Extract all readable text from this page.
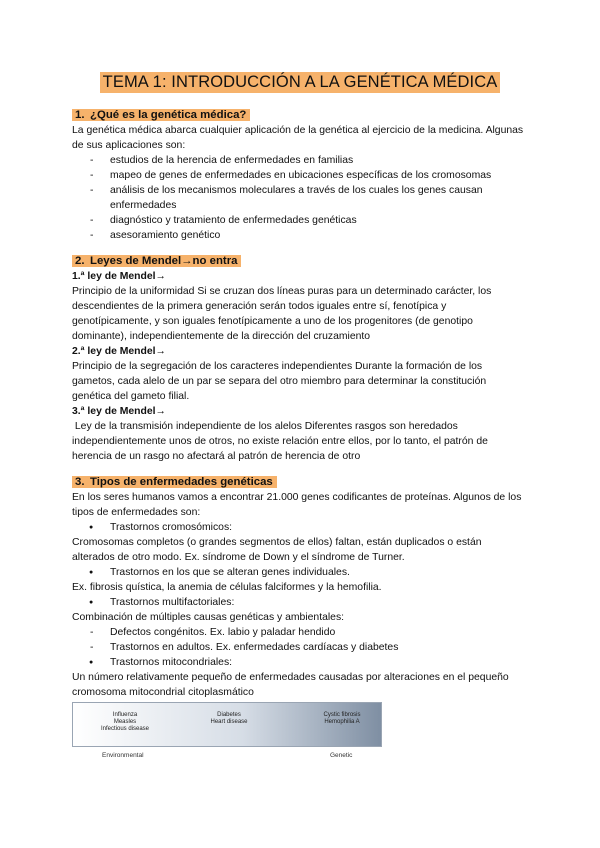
TEMA 1: INTRODUCCIÓN A LA GENÉTICA MÉDICA
1. ¿Qué es la genética médica?

La genética médica abarca cualquier aplicación de la genética al ejercicio de la medicina. Algunas de sus aplicaciones son:

- estudios de la herencia de enfermedades en familias
- mapeo de genes de enfermedades en ubicaciones específicas de los cromosomas
- análisis de los mecanismos moleculares a través de los cuales los genes causan enfermedades
- diagnóstico y tratamiento de enfermedades genéticas
- asesoramiento genético
2. Leyes de Mendel→no entra
1.ª ley de Mendel→

Principio de la uniformidad Si se cruzan dos líneas puras para un determinado carácter, los descendientes de la primera generación serán todos iguales entre sí, fenotípica y genotípicamente, y son iguales fenotípicamente a uno de los progenitores (de genotipo dominante), independientemente de la dirección del cruzamiento

2.ª ley de Mendel→

Principio de la segregación de los caracteres independientes Durante la formación de los gametos, cada alelo de un par se separa del otro miembro para determinar la constitución genética del gameto filial.

3.ª ley de Mendel→

Ley de la transmisión independiente de los alelos Diferentes rasgos son heredados independientemente unos de otros, no existe relación entre ellos, por lo tanto, el patrón de herencia de un rasgo no afectará al patrón de herencia de otro

3. Tipos de enfermedades genéticas

En los seres humanos vamos a encontrar 21.000 genes codificantes de proteínas. Algunos de los tipos de enfermedades son:

● Trastornos cromosómicos:

Cromosomas completos (o grandes segmentos de ellos) faltan, están duplicados o están alterados de otro modo. Ex. síndrome de Down y el síndrome de Turner.

● Trastornos en los que se alteran genes individuales.

Ex. fibrosis quística, la anemia de células falciformes y la hemofilia.

● Trastornos multifactoriales:

Combinación de múltiples causas genéticas y ambientales:

- Defectos congénitos. Ex. labio y paladar hendido
- Trastornos en adultos. Ex. enfermedades cardíacas y diabetes
● Trastornos mitocondriales:

Un número relativamente pequeño de enfermedades causadas por alteraciones en el pequeño cromosoma mitocondrial citoplasmático

Influenza
Measles
Infectious disease
Diabetes
Heart disease
Cystic fibrosis
Hemophilia A
Environmental	Genetic
